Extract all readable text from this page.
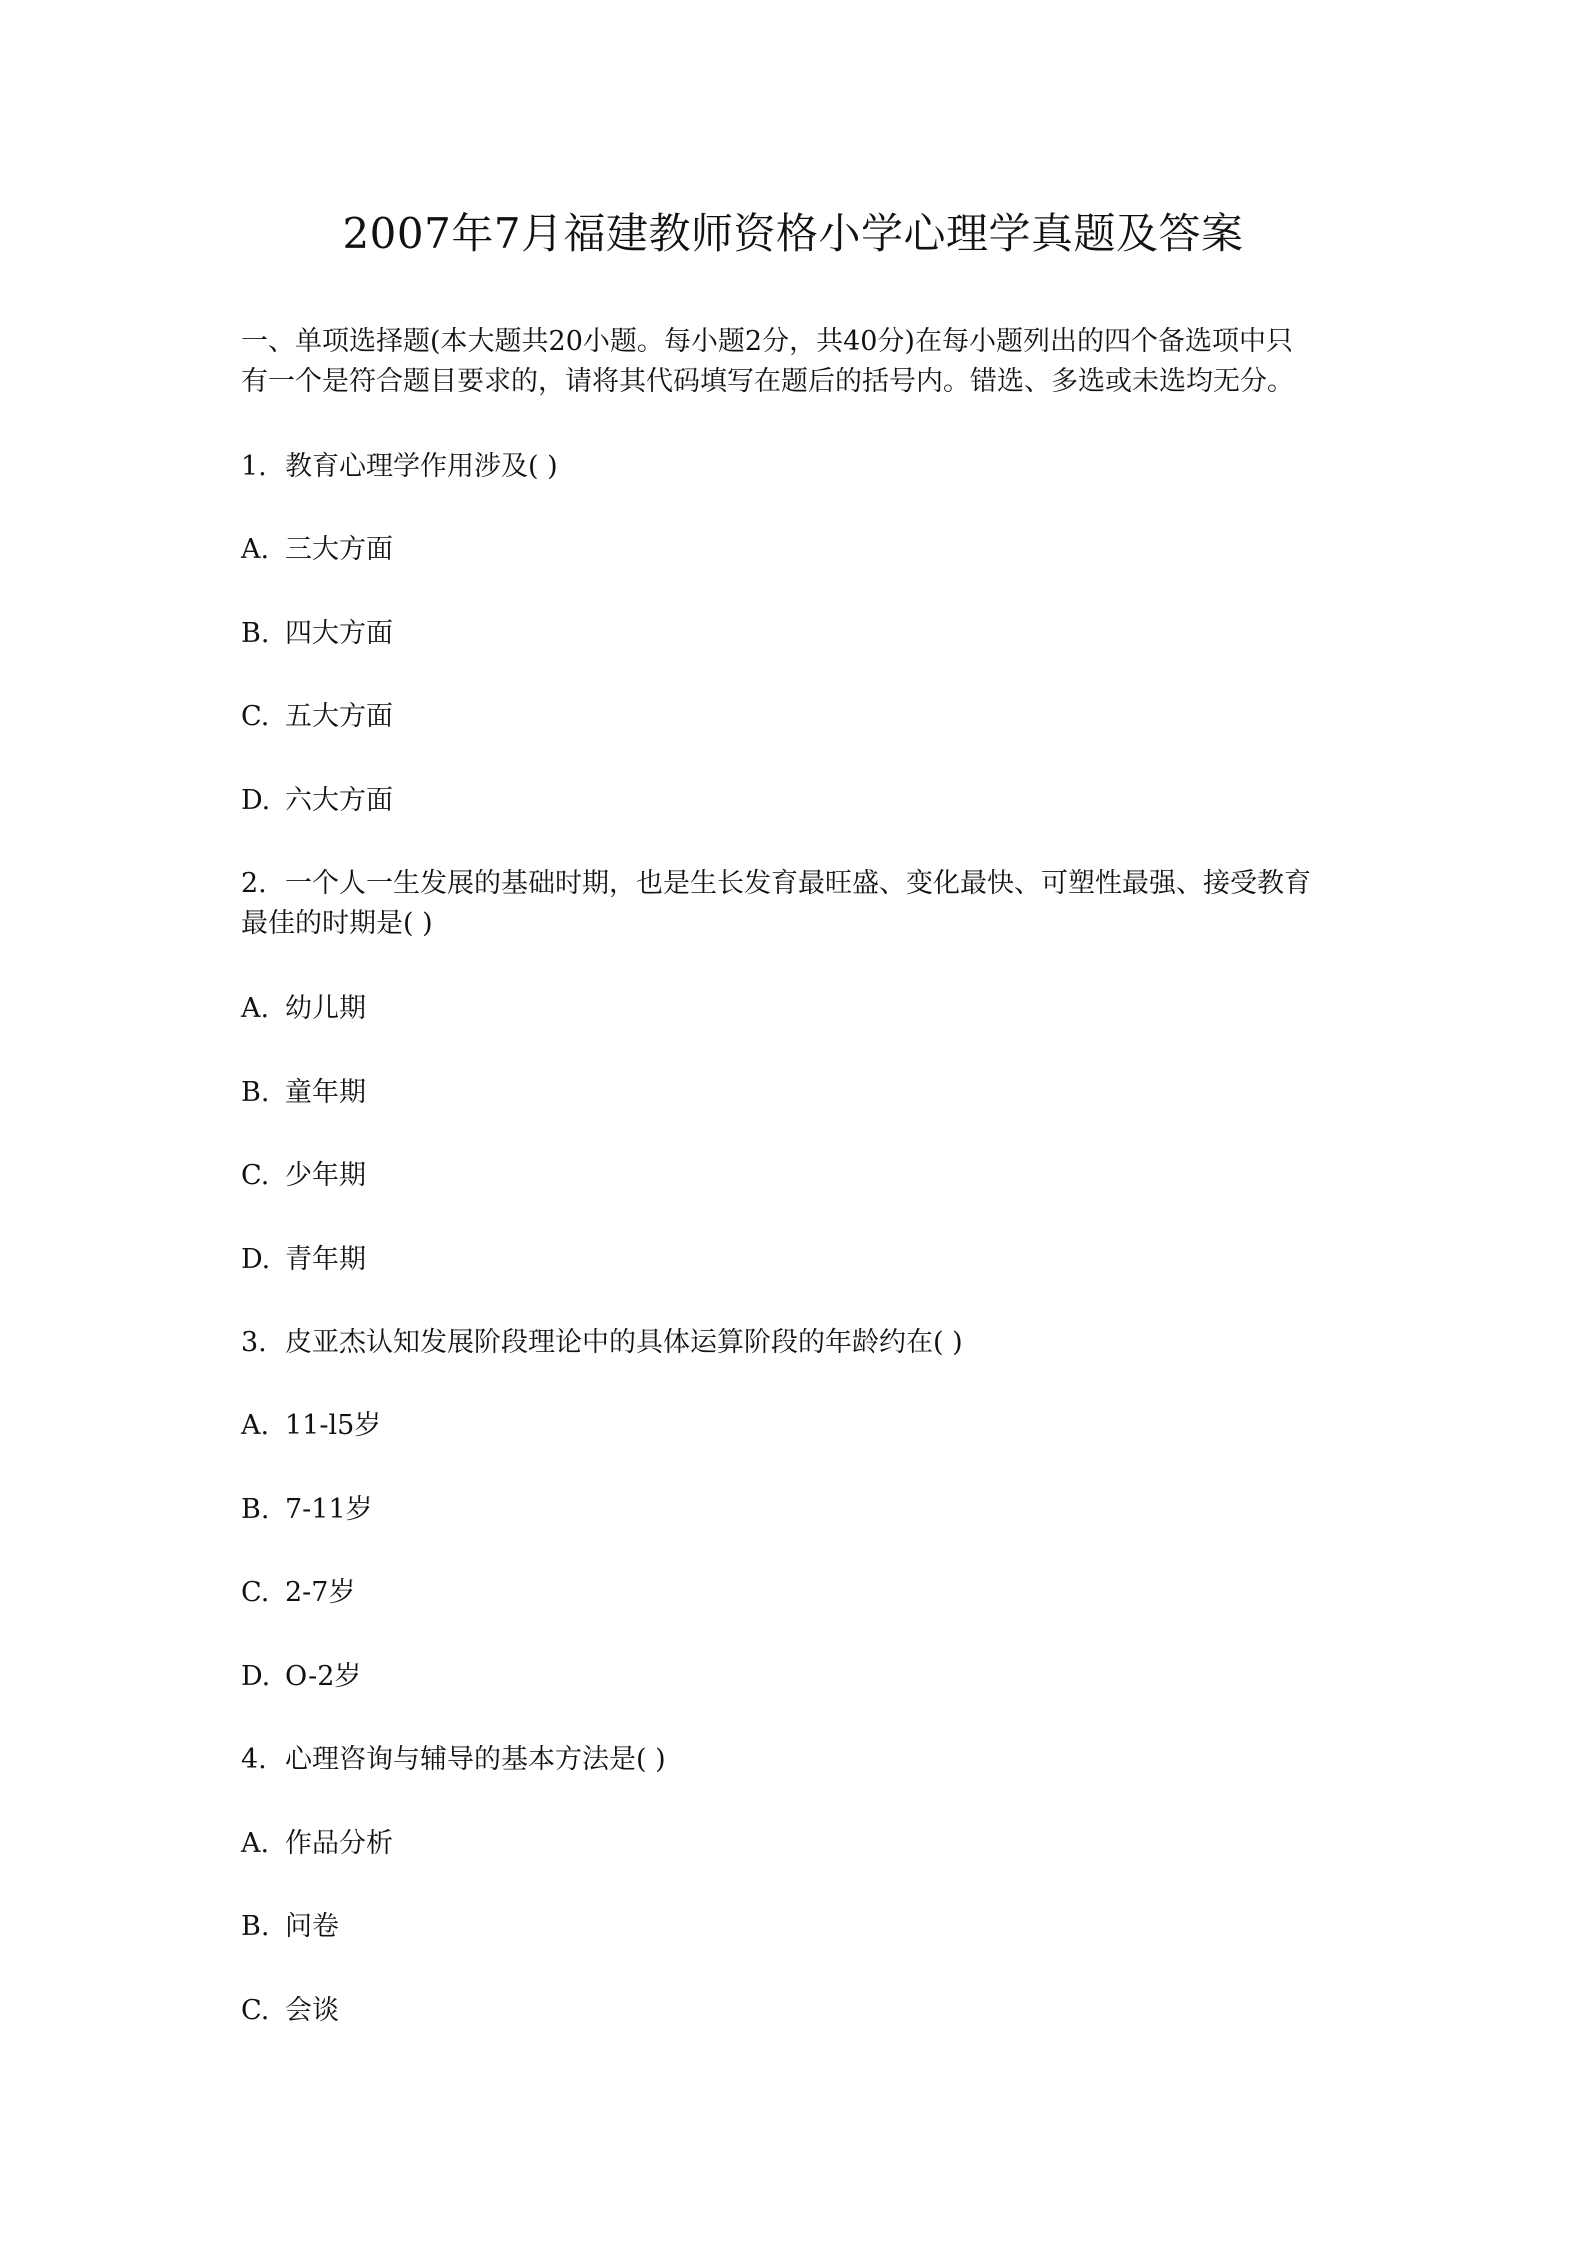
2007年7月福建教师资格小学心理学真题及答案
一、单项选择题(本大题共20小题。每小题2分，共40分)在每小题列出的四个备选项中只
有一个是符合题目要求的，请将其代码填写在题后的括号内。错选、多选或未选均无分。
1. 教育心理学作用涉及( )
A. 三大方面
B. 四大方面
C. 五大方面
D. 六大方面
2. 一个人一生发展的基础时期，也是生长发育最旺盛、变化最快、可塑性最强、接受教育
最佳的时期是( )
A. 幼儿期
B. 童年期
C. 少年期
D. 青年期
3. 皮亚杰认知发展阶段理论中的具体运算阶段的年龄约在( )
A. 11-l5岁
B. 7-11岁
C. 2-7岁
D. O-2岁
4. 心理咨询与辅导的基本方法是( )
A. 作品分析
B. 问卷
C. 会谈
